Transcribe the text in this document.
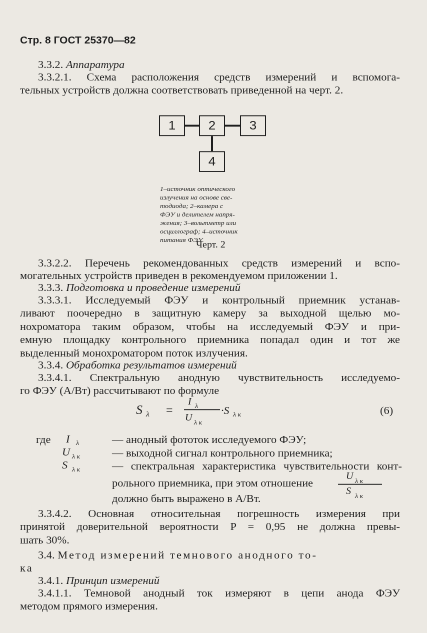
Стр. 8 ГОСТ 25370—82
3.3.2. Аппаратура
3.3.2.1. Схема расположения средств измерений и вспомога-
тельных устройств должна соответствовать приведенной на черт. 2.
1	2	3
4
1–источник оптического
излучения на основе све-
тодиода; 2–камера с
ФЭУ и делителем напря-
жения; 3–вольтметр или
осциллограф; 4–источник
питания ФЭУ.
Черт. 2
3.3.2.2. Перечень рекомендованных средств измерений и вспо-
могательных устройств приведен в рекомендуемом приложении 1.
3.3.3. Подготовка и проведение измерений
3.3.3.1. Исследуемый ФЭУ и контрольный приемник устанав-
ливают поочередно в защитную камеру за выходной щелью мо-
нохроматора таким образом, чтобы на исследуемый ФЭУ и при-
емную площадку контрольного приемника попадал один и тот же
выделенный монохроматором поток излучения.
3.3.4. Обработка результатов измерений
3.3.4.1. Спектральную анодную чувствительность исследуемо-
го ФЭУ (А/Вт) рассчитывают по формуле
S λ =
I λ
U λ к
·S λ к	(6)
где I λ	— анодный фототок исследуемого ФЭУ;
U λ к	— выходной сигнал контрольного приемника;
S λ к	— спектральная характеристика чувствительности конт-
рольного приемника, при этом отношение
U λ к
S λ к
должно быть выражено в А/Вт.
3.3.4.2. Основная относительная погрешность измерения при
принятой доверительной вероятности P = 0,95 не должна превы-
шать 30%.
3.4. Метод измерений темнового анодного то-
ка
3.4.1. Принцип измерений
3.4.1.1. Темновой анодный ток измеряют в цепи анода ФЭУ
методом прямого измерения.
